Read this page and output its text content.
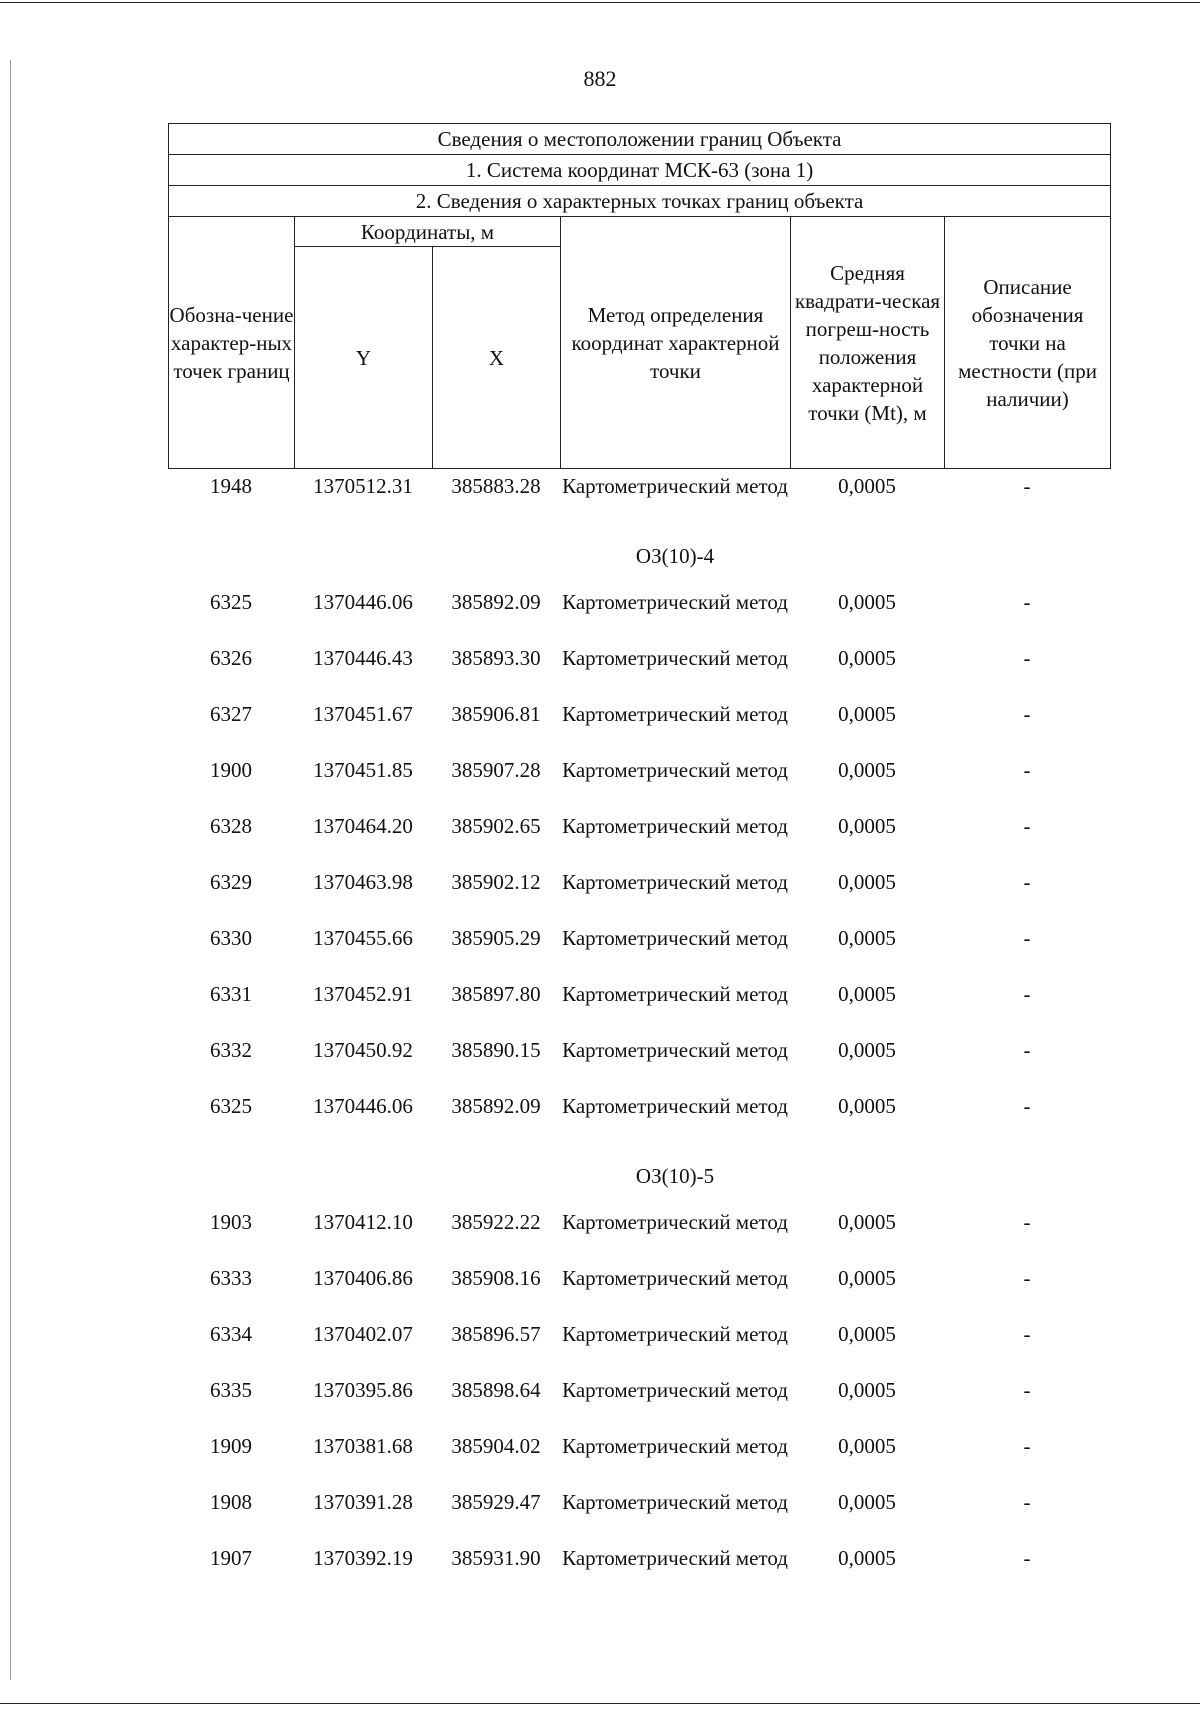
882
Сведения о местоположении границ Объекта					
1. Система координат МСК-63 (зона 1)					
2. Сведения о характерных точках границ объекта					
Обозна-чение характер-ных точек границ	Координаты, м		Метод определения координат характерной точки	Средняя квадрати-ческая погреш-ность положения характерной точки (Mt), м	Описание обозначения точки на местности (при наличии)
	Y	X			
1948	1370512.31	385883.28	Картометрический метод	0,0005	-
ОЗ(10)-4
6325	1370446.06	385892.09	Картометрический метод	0,0005	-
6326	1370446.43	385893.30	Картометрический метод	0,0005	-
6327	1370451.67	385906.81	Картометрический метод	0,0005	-
1900	1370451.85	385907.28	Картометрический метод	0,0005	-
6328	1370464.20	385902.65	Картометрический метод	0,0005	-
6329	1370463.98	385902.12	Картометрический метод	0,0005	-
6330	1370455.66	385905.29	Картометрический метод	0,0005	-
6331	1370452.91	385897.80	Картометрический метод	0,0005	-
6332	1370450.92	385890.15	Картометрический метод	0,0005	-
6325	1370446.06	385892.09	Картометрический метод	0,0005	-
ОЗ(10)-5
1903	1370412.10	385922.22	Картометрический метод	0,0005	-
6333	1370406.86	385908.16	Картометрический метод	0,0005	-
6334	1370402.07	385896.57	Картометрический метод	0,0005	-
6335	1370395.86	385898.64	Картометрический метод	0,0005	-
1909	1370381.68	385904.02	Картометрический метод	0,0005	-
1908	1370391.28	385929.47	Картометрический метод	0,0005	-
1907	1370392.19	385931.90	Картометрический метод	0,0005	-
